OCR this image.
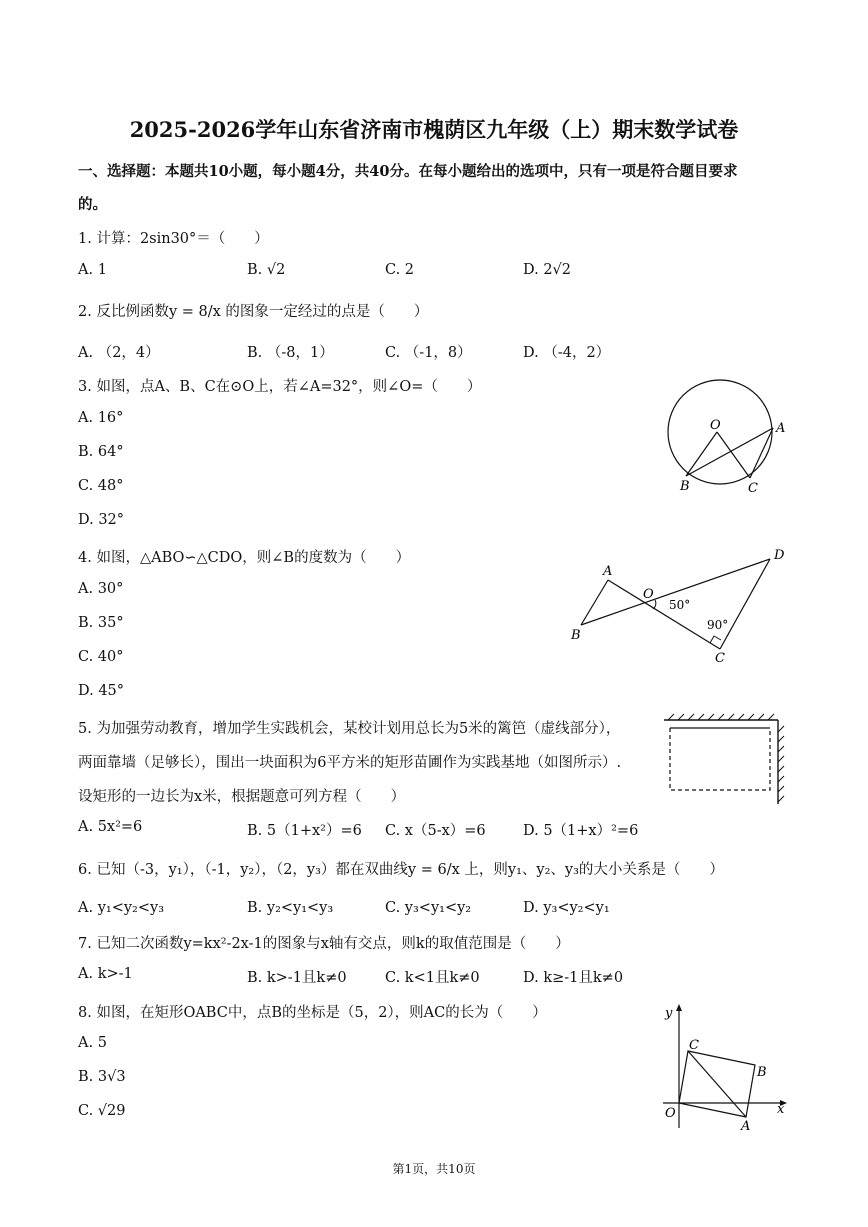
2025-2026学年山东省济南市槐荫区九年级（上）期末数学试卷
一、选择题：本题共10小题，每小题4分，共40分。在每小题给出的选项中，只有一项是符合题目要求
的。
1. 计算：2sin30°＝（　　）
A. 1	B. √2	C. 2	D. 2√2
2. 反比例函数y = 8/x 的图象一定经过的点是（　　）
A. （2，4）	B. （-8，1）	C. （-1，8）	D. （-4，2）
3. 如图，点A、B、C在⊙O上，若∠A=32°，则∠O=（　　）
A. 16°
B. 64°
C. 48°
D. 32°
O	A
B	C
4. 如图，△ABO∽△CDO，则∠B的度数为（　　）
A. 30°
B. 35°
C. 40°
D. 45°
A
B
O
D
C
50°
90°
5. 为加强劳动教育，增加学生实践机会，某校计划用总长为5米的篱笆（虚线部分），
两面靠墙（足够长），围出一块面积为6平方米的矩形苗圃作为实践基地（如图所示）.
设矩形的一边长为x米，根据题意可列方程（　　）
A. 5x²=6	B. 5（1+x²）=6 C. x（5-x）=6	D. 5（1+x）²=6
6. 已知（-3，y₁），（-1，y₂），（2，y₃）都在双曲线y = 6/x 上，则y₁、y₂、y₃的大小关系是（　　）
A. y₁<y₂<y₃	B. y₂<y₁<y₃	C. y₃<y₁<y₂	D. y₃<y₂<y₁
7. 已知二次函数y=kx²-2x-1的图象与x轴有交点，则k的取值范围是（　　）
A. k>-1	B. k>-1且k≠0	C. k<1且k≠0	D. k≥-1且k≠0
8. 如图，在矩形OABC中，点B的坐标是（5，2），则AC的长为（　　）
A. 5
B. 3√3
C. √29
y
x
O
A
B
C
第1页，共10页
